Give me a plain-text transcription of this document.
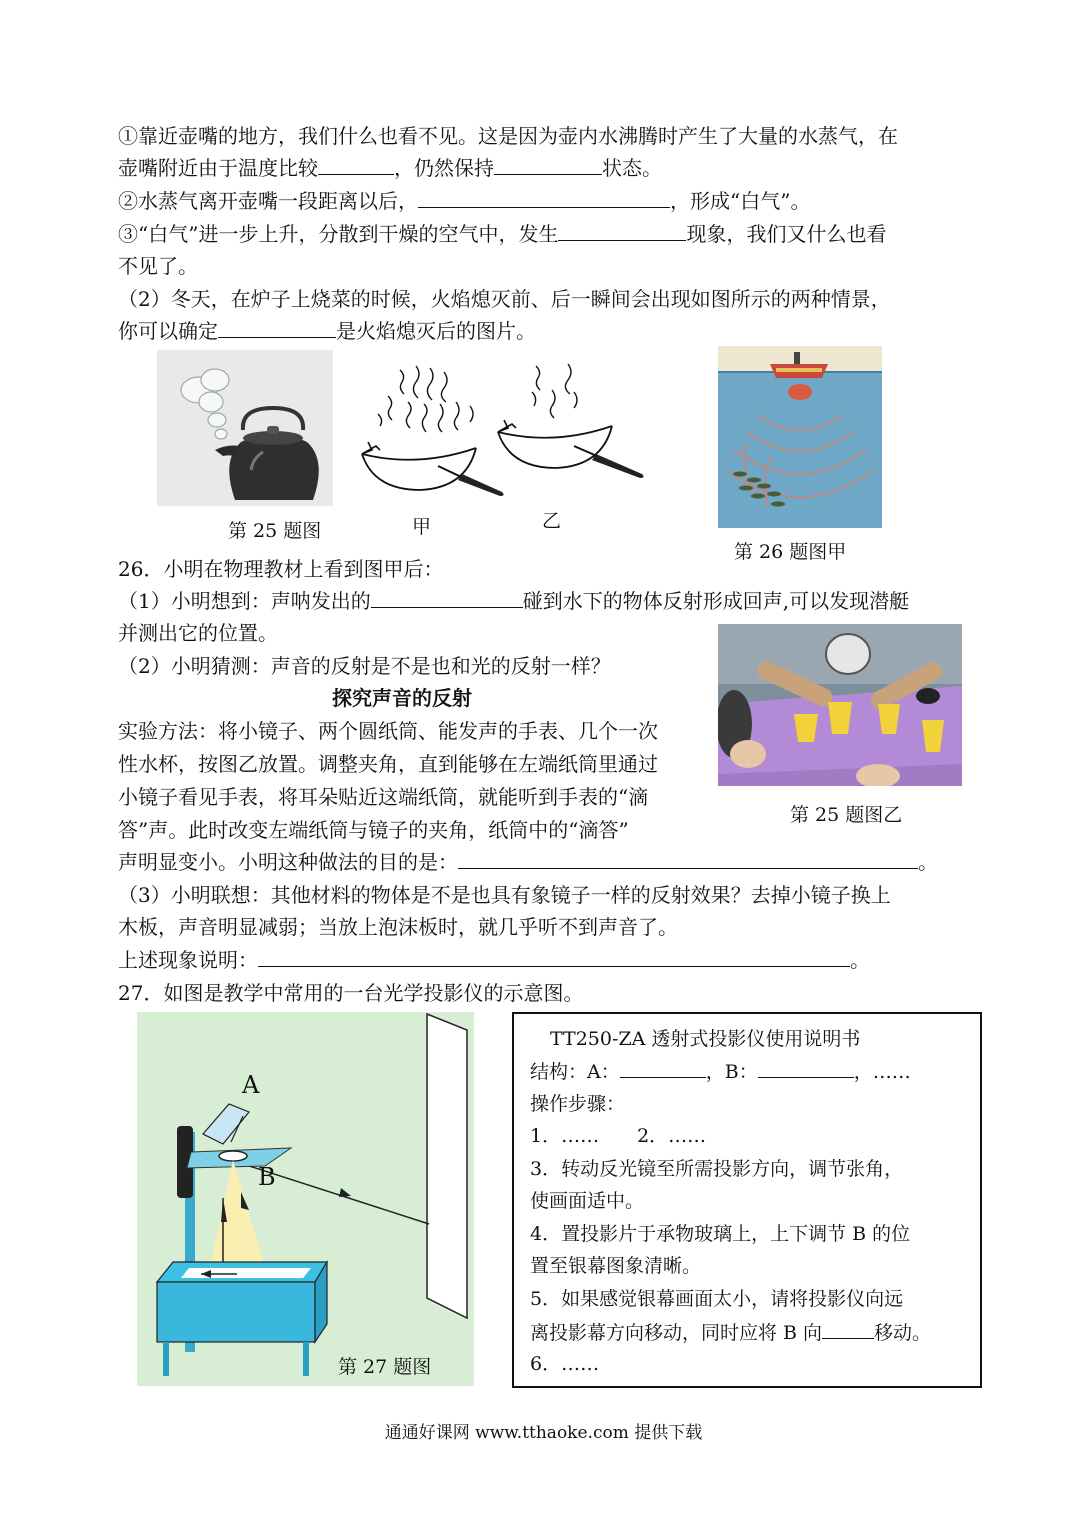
①靠近壶嘴的地方，我们什么也看不见。这是因为壶内水沸腾时产生了大量的水蒸气，在
壶嘴附近由于温度比较	，仍然保持	状态。
②水蒸气离开壶嘴一段距离以后，	，形成“白气”。
③“白气”进一步上升，分散到干燥的空气中，发生	现象，我们又什么也看
不见了。
（2）冬天，在炉子上烧菜的时候，火焰熄灭前、后一瞬间会出现如图所示的两种情景，
你可以确定	是火焰熄灭后的图片。
第 25 题图	甲	乙
第 26 题图甲
26．小明在物理教材上看到图甲后：
（1）小明想到：声呐发出的	碰到水下的物体反射形成回声,可以发现潜艇
并测出它的位置。
（2）小明猜测：声音的反射是不是也和光的反射一样？
探究声音的反射
实验方法：将小镜子、两个圆纸筒、能发声的手表、几个一次
性水杯，按图乙放置。调整夹角，直到能够在左端纸筒里通过
小镜子看见手表，将耳朵贴近这端纸筒，就能听到手表的“滴
答”声。此时改变左端纸筒与镜子的夹角，纸筒中的“滴答”
声明显变小。小明这种做法的目的是：	。
第 25 题图乙
（3）小明联想：其他材料的物体是不是也具有象镜子一样的反射效果？去掉小镜子换上
木板，声音明显减弱；当放上泡沫板时，就几乎听不到声音了。
上述现象说明：	。
27．如图是教学中常用的一台光学投影仪的示意图。
A
B
第 27 题图
TT250-ZA 透射式投影仪使用说明书
结构：A：	，B：	，……
操作步骤：
1．……　　2．……
3．转动反光镜至所需投影方向，调节张角，
使画面适中。
4．置投影片于承物玻璃上，上下调节 B 的位
置至银幕图象清晰。
5．如果感觉银幕画面太小，请将投影仪向远
离投影幕方向移动，同时应将 B 向	移动。
6．……
通通好课网 www.tthaoke.com 提供下载
